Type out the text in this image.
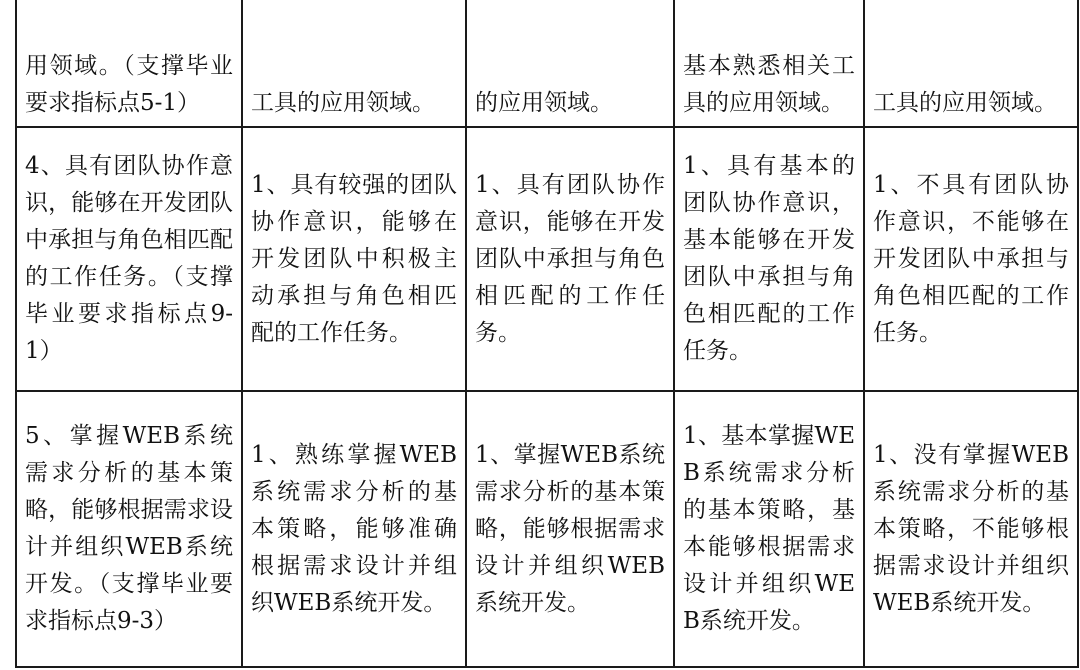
用领域。（支撑毕业要求指标点5-1）	工具的应用领域。	的应用领域。	基本熟悉相关工具的应用领域。	工具的应用领域。

4、具有团队协作意识，能够在开发团队中承担与角色相匹配的工作任务。（支撑毕业要求指标点9-1）	1、具有较强的团队协作意识，能够在开发团队中积极主动承担与角色相匹配的工作任务。	1、具有团队协作意识，能够在开发团队中承担与角色相匹配的工作任务。	1、具有基本的团队协作意识，基本能够在开发团队中承担与角色相匹配的工作任务。	1、不具有团队协作意识，不能够在开发团队中承担与角色相匹配的工作任务。

5、掌握WEB系统需求分析的基本策略，能够根据需求设计并组织WEB系统开发。（支撑毕业要求指标点9-3）	1、熟练掌握WEB系统需求分析的基本策略，能够准确根据需求设计并组织WEB系统开发。	1、掌握WEB系统需求分析的基本策略，能够根据需求设计并组织WEB系统开发。	1、基本掌握WEB系统需求分析的基本策略，基本能够根据需求设计并组织WEB系统开发。	1、没有掌握WEB系统需求分析的基本策略，不能够根据需求设计并组织WEB系统开发。
